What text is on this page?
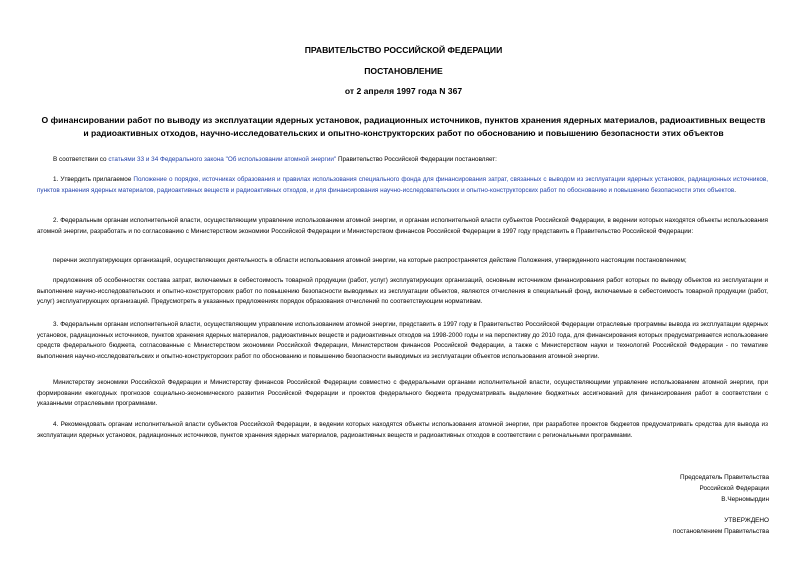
ПРАВИТЕЛЬСТВО РОССИЙСКОЙ ФЕДЕРАЦИИ
ПОСТАНОВЛЕНИЕ
от 2 апреля 1997 года N 367
О финансировании работ по выводу из эксплуатации ядерных установок, радиационных источников, пунктов хранения ядерных материалов, радиоактивных веществ и радиоактивных отходов, научно-исследовательских и опытно-конструкторских работ по обоснованию и повышению безопасности этих объектов

В соответствии со статьями 33 и 34 Федерального закона "Об использовании атомной энергии" Правительство Российской Федерации постановляет:

1. Утвердить прилагаемое Положение о порядке, источниках образования и правилах использования специального фонда для финансирования затрат, связанных с выводом из эксплуатации ядерных установок, радиационных источников, пунктов хранения ядерных материалов, радиоактивных веществ и радиоактивных отходов, и для финансирования научно-исследовательских и опытно-конструкторских работ по обоснованию и повышению безопасности этих объектов.

2. Федеральным органам исполнительной власти, осуществляющим управление использованием атомной энергии, и органам исполнительной власти субъектов Российской Федерации, в ведении которых находятся объекты использования атомной энергии, разработать и по согласованию с Министерством экономики Российской Федерации и Министерством финансов Российской Федерации в 1997 году представить в Правительство Российской Федерации:

перечни эксплуатирующих организаций, осуществляющих деятельность в области использования атомной энергии, на которые распространяется действие Положения, утвержденного настоящим постановлением;

предложения об особенностях состава затрат, включаемых в себестоимость товарной продукции (работ, услуг) эксплуатирующих организаций, основным источником финансирования работ которых по выводу объектов из эксплуатации и выполнение научно-исследовательских и опытно-конструкторских работ по повышению безопасности выводимых из эксплуатации объектов, являются отчисления в специальный фонд, включаемые в себестоимость товарной продукции (работ, услуг) эксплуатирующих организаций. Предусмотреть в указанных предложениях порядок образования отчислений по соответствующим нормативам.

3. Федеральным органам исполнительной власти, осуществляющим управление использованием атомной энергии, представить в 1997 году в Правительство Российской Федерации отраслевые программы вывода из эксплуатации ядерных установок, радиационных источников, пунктов хранения ядерных материалов, радиоактивных веществ и радиоактивных отходов на 1998-2000 годы и на перспективу до 2010 года, для финансирования которых предусматривается использование средств федерального бюджета, согласованные с Министерством экономики Российской Федерации, Министерством финансов Российской Федерации, а также с Министерством науки и технологий Российской Федерации - по тематике выполнения научно-исследовательских и опытно-конструкторских работ по обоснованию и повышению безопасности выводимых из эксплуатации объектов использования атомной энергии.

Министерству экономики Российской Федерации и Министерству финансов Российской Федерации совместно с федеральными органами исполнительной власти, осуществляющими управление использованием атомной энергии, при формировании ежегодных прогнозов социально-экономического развития Российской Федерации и проектов федерального бюджета предусматривать выделение бюджетных ассигнований для финансирования работ в соответствии с указанными отраслевыми программами.

4. Рекомендовать органам исполнительной власти субъектов Российской Федерации, в ведении которых находятся объекты использования атомной энергии, при разработке проектов бюджетов предусматривать средства для вывода из эксплуатации ядерных установок, радиационных источников, пунктов хранения ядерных материалов, радиоактивных веществ и радиоактивных отходов в соответствии с региональными программами.

Председатель Правительства
Российской Федерации
В.Черномырдин
УТВЕРЖДЕНО
постановлением Правительства
